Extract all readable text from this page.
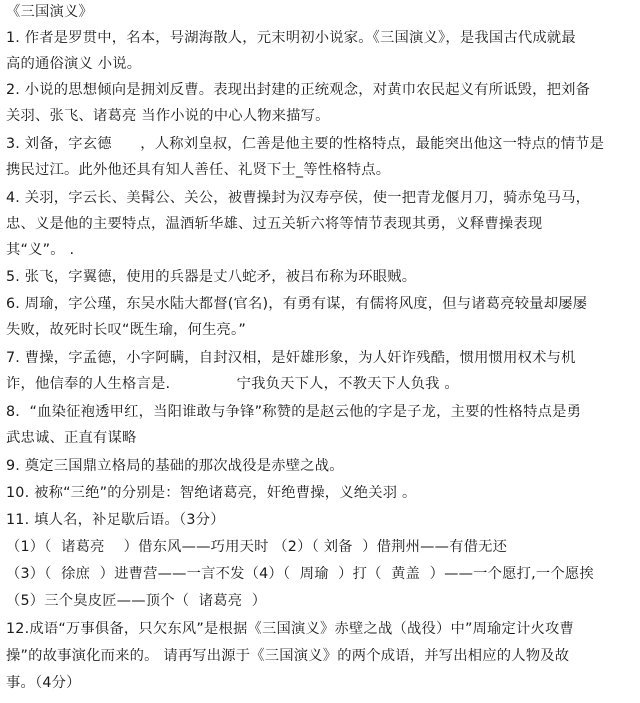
《三国演义》
1. 作者是罗贯中，名本，号湖海散人，元末明初小说家。《三国演义》，是我国古代成就最
高的通俗演义 小说。
2. 小说的思想倾向是拥刘反曹。表现出封建的正统观念，对黄巾农民起义有所诋毁，把刘备
关羽、张飞、诸葛亮 当作小说的中心人物来描写。
3. 刘备，字玄德      ，人称刘皇叔，仁善是他主要的性格特点，最能突出他这一特点的情节是
携民过江。此外他还具有知人善任、礼贤下士_等性格特点。
4. 关羽，字云长、美髯公、关公，被曹操封为汉寿亭侯，使一把青龙偃月刀，骑赤兔马马，
忠、义是他的主要特点，温酒斩华雄、过五关斩六将等情节表现其勇，义释曹操表现
其“义”。 .
5. 张飞，字翼德，使用的兵器是丈八蛇矛，被吕布称为环眼贼。
6. 周瑜，字公瑾，东吴水陆大都督(官名)，有勇有谋，有儒将风度，但与诸葛亮较量却屡屡
失败，故死时长叹“既生瑜，何生亮。”
7. 曹操，字孟德，小字阿瞒，自封汉相，是奸雄形象，为人奸诈残酷，惯用惯用权术与机
诈，他信奉的人生格言是.              宁我负天下人，不教天下人负我 。
8.  “血染征袍透甲红，当阳谁敢与争锋”称赞的是赵云他的字是子龙，主要的性格特点是勇
武忠诚、正直有谋略
9. 奠定三国鼎立格局的基础的那次战役是赤壁之战。
10. 被称“三绝”的分别是：智绝诸葛亮，奸绝曹操，义绝关羽 。
11. 填人名，补足歇后语。（3分）
（1）（  诸葛亮    ）借东风——巧用天时 （2）（ 刘备  ）借荆州——有借无还
（3）（  徐庶  ）进曹营——一言不发（4）（  周瑜  ）打（  黄盖  ）——一个愿打,一个愿挨
（5）三个臭皮匠——顶个（  诸葛亮  ）
12.成语“万事俱备，只欠东风”是根据《三国演义》赤壁之战（战役）中”周瑜定计火攻曹
操”的故事演化而来的。 请再写出源于《三国演义》的两个成语，并写出相应的人物及故
事。（4分）
